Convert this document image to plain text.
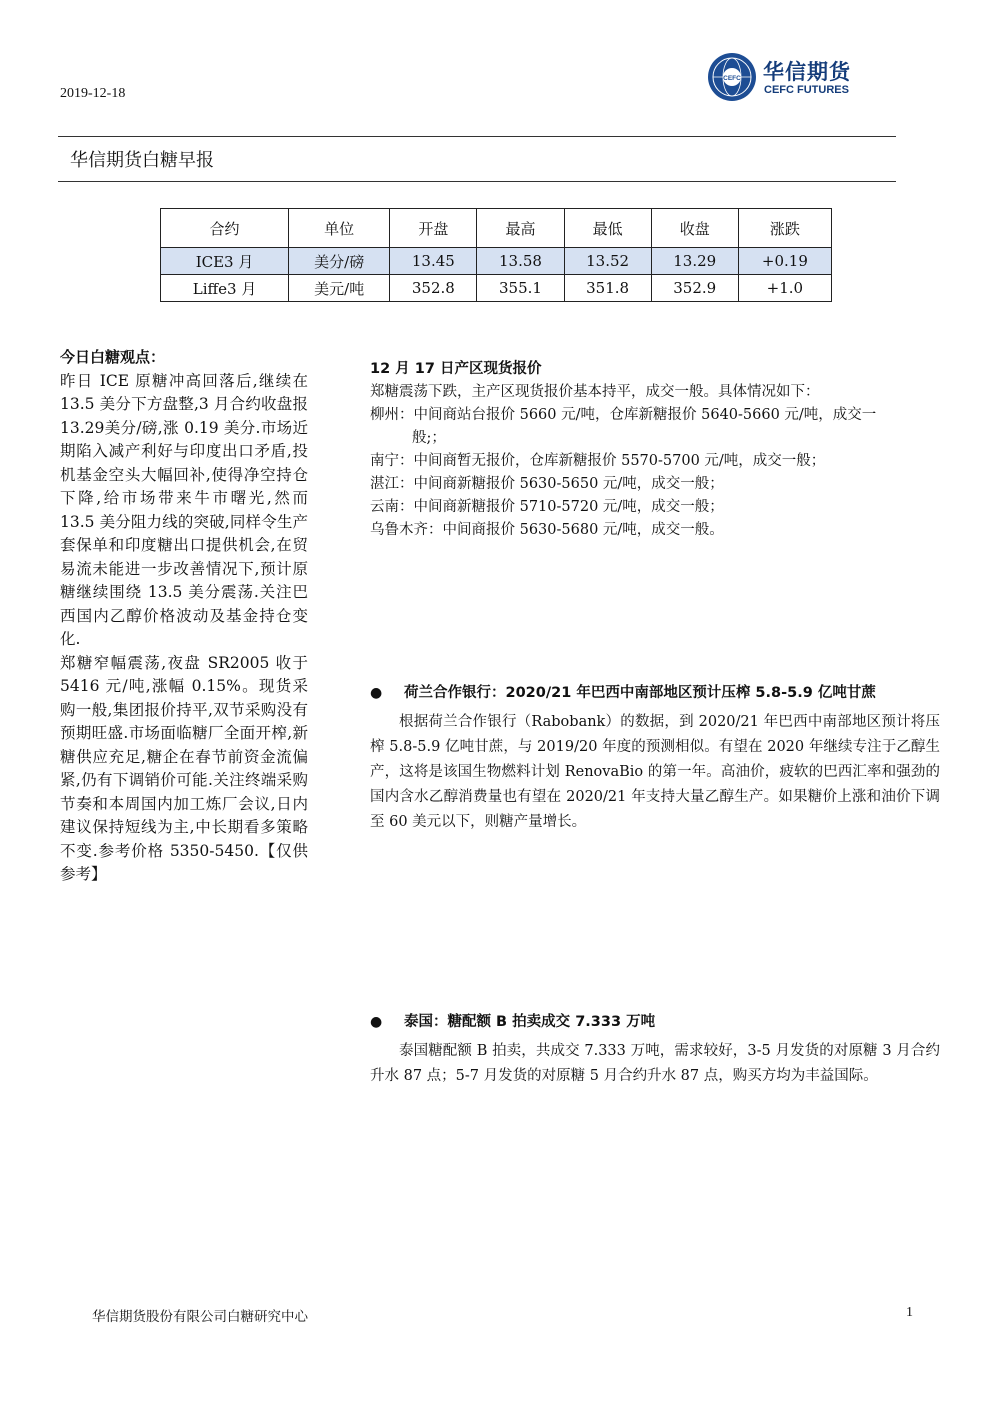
2019-12-18
CEFC 华信期货
CEFC FUTURES
华信期货白糖早报
合约	单位	开盘	最高	最低	收盘	涨跌
ICE3 月	美分/磅	13.45	13.58	13.52	13.29	+0.19
Liffe3 月	美元/吨	352.8	355.1	351.8	352.9	+1.0
今日白糖观点：

昨日 ICE 原糖冲高回落后,继续在 13.5 美分下方盘整,3 月合约收盘报 13.29美分/磅,涨 0.19 美分.市场近期陷入减产利好与印度出口矛盾,投机基金空头大幅回补,使得净空持仓下降,给市场带来牛市曙光,然而 13.5 美分阻力线的突破,同样令生产套保单和印度糖出口提供机会,在贸易流未能进一步改善情况下,预计原糖继续围绕 13.5 美分震荡.关注巴西国内乙醇价格波动及基金持仓变化.

郑糖窄幅震荡,夜盘 SR2005 收于5416 元/吨,涨幅 0.15%。现货采购一般,集团报价持平,双节采购没有预期旺盛.市场面临糖厂全面开榨,新糖供应充足,糖企在春节前资金流偏紧,仍有下调销价可能.关注终端采购节奏和本周国内加工炼厂会议,日内建议保持短线为主,中长期看多策略不变.参考价格 5350-5450.【仅供参考】

12 月 17 日产区现货报价

郑糖震荡下跌，主产区现货报价基本持平，成交一般。具体情况如下：

柳州：中间商站台报价 5660 元/吨，仓库新糖报价 5640-5660 元/吨，成交一

般;；

南宁：中间商暂无报价，仓库新糖报价 5570-5700 元/吨，成交一般；

湛江：中间商新糖报价 5630-5650 元/吨，成交一般；

云南：中间商新糖报价 5710-5720 元/吨，成交一般；

乌鲁木齐：中间商报价 5630-5680 元/吨，成交一般。

● 荷兰合作银行：2020/21 年巴西中南部地区预计压榨 5.8-5.9 亿吨甘蔗

根据荷兰合作银行（Rabobank）的数据，到 2020/21 年巴西中南部地区预计将压榨 5.8-5.9 亿吨甘蔗，与 2019/20 年度的预测相似。有望在 2020 年继续专注于乙醇生产，这将是该国生物燃料计划 RenovaBio 的第一年。高油价，疲软的巴西汇率和强劲的国内含水乙醇消费量也有望在 2020/21 年支持大量乙醇生产。如果糖价上涨和油价下调至 60 美元以下，则糖产量增长。

● 泰国：糖配额 B 拍卖成交 7.333 万吨

泰国糖配额 B 拍卖，共成交 7.333 万吨，需求较好，3-5 月发货的对原糖 3 月合约升水 87 点；5-7 月发货的对原糖 5 月合约升水 87 点，购买方均为丰益国际。

华信期货股份有限公司白糖研究中心	1
